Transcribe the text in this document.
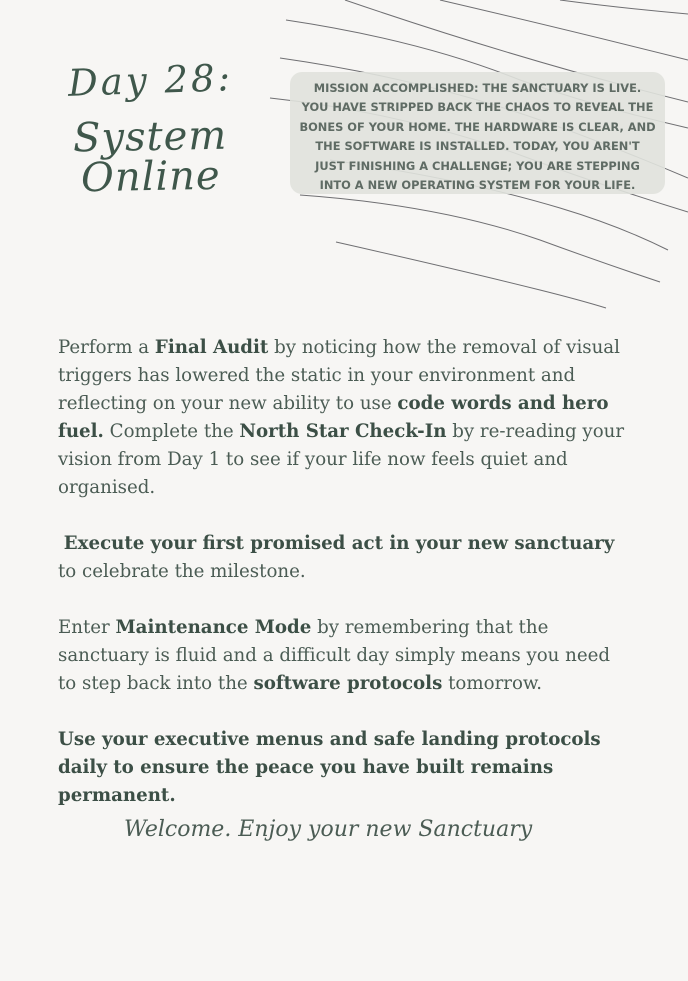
Day 28:
System Online
MISSION ACCOMPLISHED: THE SANCTUARY IS LIVE.
YOU HAVE STRIPPED BACK THE CHAOS TO REVEAL THE
BONES OF YOUR HOME. THE HARDWARE IS CLEAR, AND
THE SOFTWARE IS INSTALLED. TODAY, YOU AREN'T
JUST FINISHING A CHALLENGE; YOU ARE STEPPING
INTO A NEW OPERATING SYSTEM FOR YOUR LIFE.

Perform a Final Audit by noticing how the removal of visual triggers has lowered the static in your environment and reflecting on your new ability to use code words and hero fuel. Complete the North Star Check-In by re-reading your vision from Day 1 to see if your life now feels quiet and organised.

Execute your first promised act in your new sanctuary to celebrate the milestone.

Enter Maintenance Mode by remembering that the sanctuary is fluid and a difficult day simply means you need to step back into the software protocols tomorrow.

Use your executive menus and safe landing protocols daily to ensure the peace you have built remains permanent.

Welcome. Enjoy your new Sanctuary
